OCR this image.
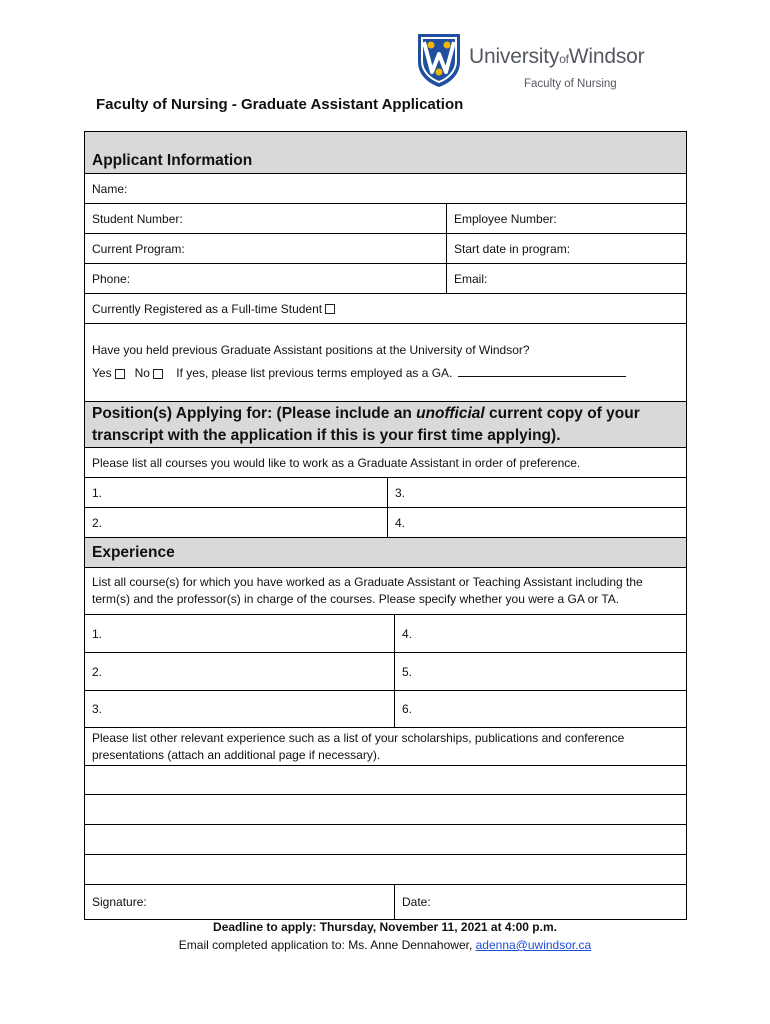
UniversityofWindsor
Faculty of Nursing
Faculty of Nursing - Graduate Assistant Application
Applicant Information
Name:
Student Number:	Employee Number:
Current Program:	Start date in program:
Phone:	Email:
Currently Registered as a Full-time Student
Have you held previous Graduate Assistant positions at the University of Windsor?
Yes No If yes, please list previous terms employed as a GA.
Position(s) Applying for: (Please include an unofficial current copy of your
transcript with the application if this is your first time applying).
Please list all courses you would like to work as a Graduate Assistant in order of preference.
1.	3.
2.	4.
Experience
List all course(s) for which you have worked as a Graduate Assistant or Teaching Assistant including the
term(s) and the professor(s) in charge of the courses. Please specify whether you were a GA or TA.
1.	4.
2.	5.
3.	6.
Please list other relevant experience such as a list of your scholarships, publications and conference
presentations (attach an additional page if necessary).
Signature:	Date:
Deadline to apply: Thursday, November 11, 2021 at 4:00 p.m.
Email completed application to: Ms. Anne Dennahower, adenna@uwindsor.ca
